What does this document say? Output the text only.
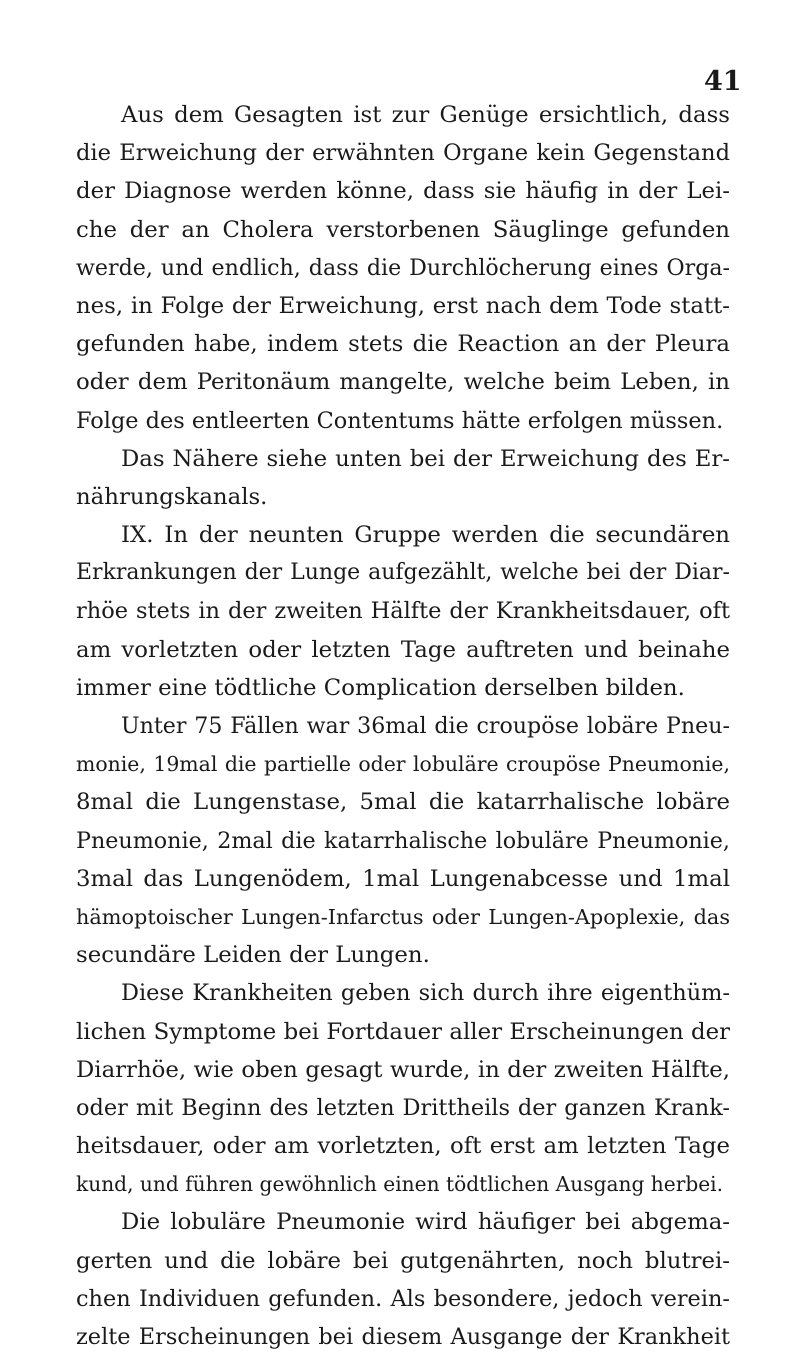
41
Aus dem Gesagten ist zur Genüge ersichtlich, dass
die Erweichung der erwähnten Organe kein Gegenstand
der Diagnose werden könne, dass sie häufig in der Lei-
che der an Cholera verstorbenen Säuglinge gefunden
werde, und endlich, dass die Durchlöcherung eines Orga-
nes, in Folge der Erweichung, erst nach dem Tode statt-
gefunden habe, indem stets die Reaction an der Pleura
oder dem Peritonäum mangelte, welche beim Leben, in
Folge des entleerten Contentums hätte erfolgen müssen.
Das Nähere siehe unten bei der Erweichung des Er-
nährungskanals.
IX. In der neunten Gruppe werden die secundären
Erkrankungen der Lunge aufgezählt, welche bei der Diar-
rhöe stets in der zweiten Hälfte der Krankheitsdauer, oft
am vorletzten oder letzten Tage auftreten und beinahe
immer eine tödtliche Complication derselben bilden.
Unter 75 Fällen war 36mal die croupöse lobäre Pneu-
monie, 19mal die partielle oder lobuläre croupöse Pneumonie,
8mal die Lungenstase, 5mal die katarrhalische lobäre
Pneumonie, 2mal die katarrhalische lobuläre Pneumonie,
3mal das Lungenödem, 1mal Lungenabcesse und 1mal
hämoptoischer Lungen-Infarctus oder Lungen-Apoplexie, das
secundäre Leiden der Lungen.
Diese Krankheiten geben sich durch ihre eigenthüm-
lichen Symptome bei Fortdauer aller Erscheinungen der
Diarrhöe, wie oben gesagt wurde, in der zweiten Hälfte,
oder mit Beginn des letzten Drittheils der ganzen Krank-
heitsdauer, oder am vorletzten, oft erst am letzten Tage
kund, und führen gewöhnlich einen tödtlichen Ausgang herbei.
Die lobuläre Pneumonie wird häufiger bei abgema-
gerten und die lobäre bei gutgenährten, noch blutrei-
chen Individuen gefunden. Als besondere, jedoch verein-
zelte Erscheinungen bei diesem Ausgange der Krankheit
